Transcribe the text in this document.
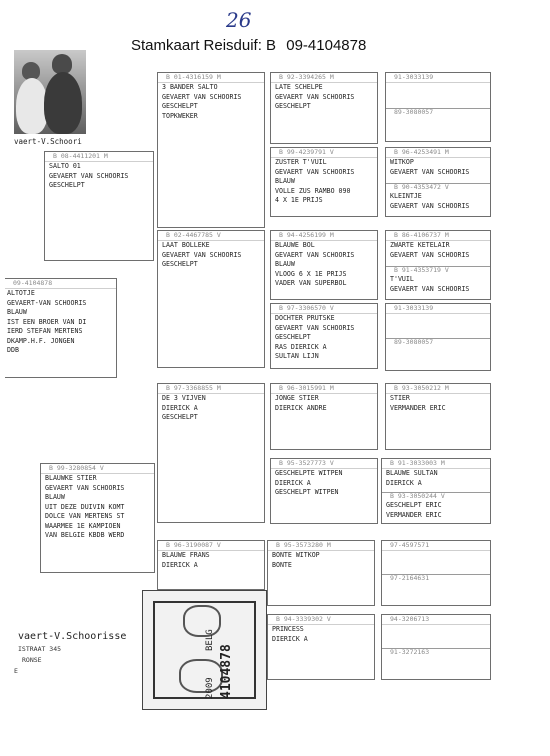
26
Stamkaart Reisduif: B 09-4104878
vaert-V.Schoori
09-4104878
ALTOTJE
GEVAERT-VAN SCHOORIS
BLAUW
IST EEN BROER VAN DI
IERD STEFAN MERTENS
DKAMP.H.F. JONGEN
DDB
B 08-4411201 M
SALTO 01
GEVAERT VAN SCHOORIS
GESCHELPT
B 99-3280854 V
BLAUWKE STIER
GEVAERT VAN SCHOORIS
BLAUW
UIT DEZE DUIVIN KOMT
DOLCE VAN MERTENS ST
WAARMEE 1E KAMPIOEN
VAN BELGIE KBDB WERD
B 01-4316159 M
3 BANDER SALTO
GEVAERT VAN SCHOORIS
GESCHELPT
TOPKWEKER
B 02-4467785 V
LAAT BOLLEKE
GEVAERT VAN SCHOORIS
GESCHELPT
B 97-3368855 M
DE 3 VIJVEN
DIERICK A
GESCHELPT
B 96-3190087 V
BLAUWE FRANS
DIERICK A
B 92-3394265 M
LATE SCHELPE
GEVAERT VAN SCHOORIS
GESCHELPT
B 99-4239791 V
ZUSTER T'VUIL
GEVAERT VAN SCHOORIS
BLAUW
VOLLE ZUS RAMBO 090
4 X 1E PRIJS
B 94-4256199 M
BLAUWE BOL
GEVAERT VAN SCHOORIS
BLAUW
VLOOG 6 X 1E PRIJS
VADER VAN SUPERBOL
B 97-3306570 V
DOCHTER PRUTSKE
GEVAERT VAN SCHOORIS
GESCHELPT
RAS DIERICK A
SULTAN LIJN
B 96-3015991 M
JONGE STIER
DIERICK ANDRE
B 95-3527773 V
GESCHELPTE WITPEN
DIERICK A
GESCHELPT WITPEN
B 95-3573280 M
BONTE WITKOP
BONTE
B 94-3339302 V
PRINCESS
DIERICK A
91-3033139
89-3080057
B 96-4253491 M
WITKOP
GEVAERT VAN SCHOORIS
B 90-4353472 V
KLEINTJE
GEVAERT VAN SCHOORIS
B 86-4106737 M
ZWARTE KETELAIR
GEVAERT VAN SCHOORIS
B 91-4353719 V
T'VUIL
GEVAERT VAN SCHOORIS
91-3033139
89-3080057
B 93-3050212 M
STIER
VERMANDER ERIC
B 91-3033003 M
BLAUWE SULTAN
DIERICK A
B 93-3050244 V
GESCHELPT ERIC
VERMANDER ERIC
97-4597571
97-2164631
94-3206713
91-3272163
vaert-V.Schoorisse
ISTRAAT 345
RONSE
E
2009
BELG
4104878
